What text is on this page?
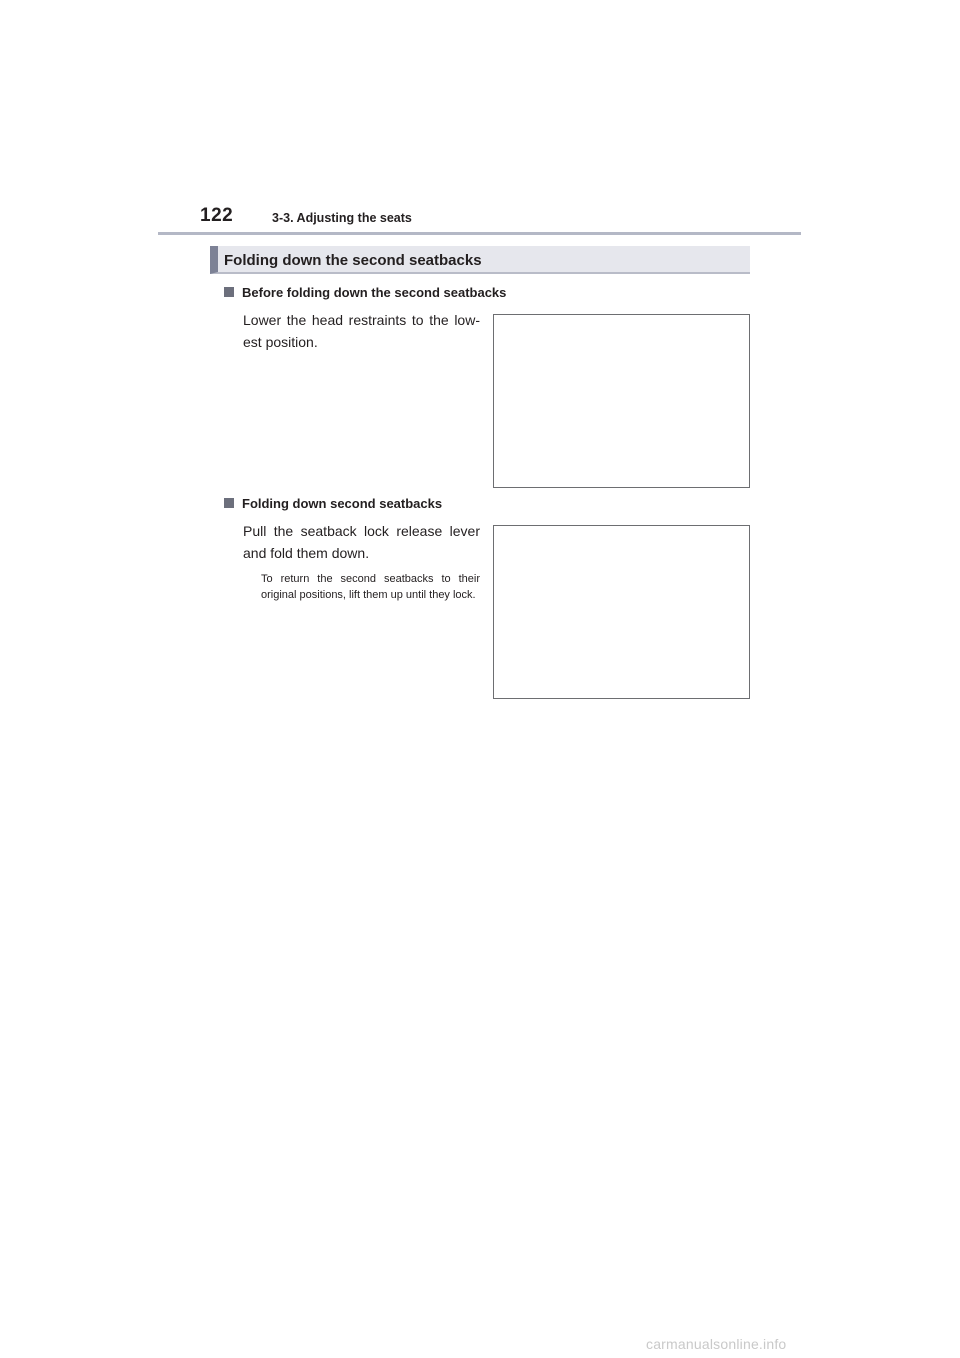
122	3-3. Adjusting the seats
Folding down the second seatbacks
Before folding down the second seatbacks
Lower the head restraints to the low- est position.
Folding down second seatbacks
Pull the seatback lock release lever and fold them down.
To return the second seatbacks to their original positions, lift them up until they lock.
carmanualsonline.info
